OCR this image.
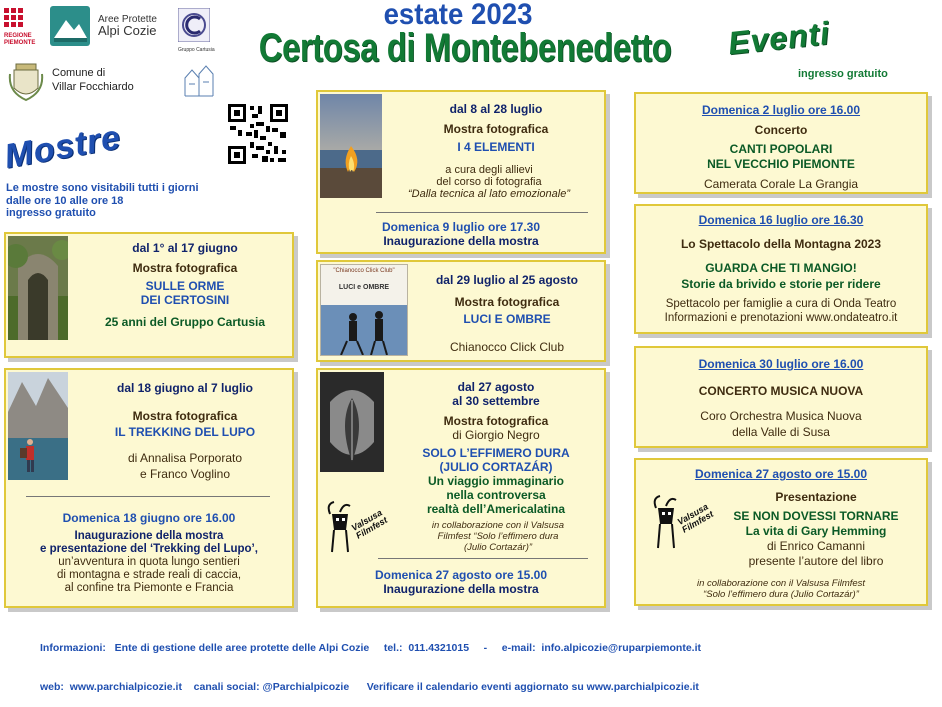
REGIONE
PIEMONTE
Aree Protette
Alpi Cozie
Gruppo Cartusia
Comune di
Villar Focchiardo
estate 2023
Certosa di Montebenedetto Eventi
ingresso gratuito
Mostre
Le mostre sono visitabili tutti i giorni
dalle ore 10 alle ore 18
ingresso gratuito
dal 1° al 17 giugno
Mostra fotografica
SULLE ORME
DEI CERTOSINI
25 anni del Gruppo Cartusia
dal 18 giugno al 7 luglio
Mostra fotografica
IL TREKKING DEL LUPO
di Annalisa Porporato
e Franco Voglino
Domenica 18 giugno ore 16.00
Inaugurazione della mostra
e presentazione del ‘Trekking del Lupo’,
un’avventura in quota lungo sentieri
di montagna e strade reali di caccia,
al confine tra Piemonte e Francia
dal 8 al 28 luglio
Mostra fotografica
I 4 ELEMENTI
a cura degli allievi
del corso di fotografia
“Dalla tecnica al lato emozionale”
Domenica 9 luglio ore 17.30
Inaugurazione della mostra
"Chianocco Click Club"
LUCI e OMBRE
dal 29 luglio al 25 agosto
Mostra fotografica
LUCI E OMBRE
Chianocco Click Club
dal 27 agosto
al 30 settembre
Mostra fotografica
di Giorgio Negro
SOLO L’EFFIMERO DURA
(JULIO CORTAZÁR)
Un viaggio immaginario
nella controversa
realtà dell’Americalatina
Valsusa Filmfest	in collaborazione con il Valsusa
Filmfest “Solo l’effimero dura
(Julio Cortazár)”
Domenica 27 agosto ore 15.00
Inaugurazione della mostra
Domenica 2 luglio ore 16.00
Concerto
CANTI POPOLARI
NEL VECCHIO PIEMONTE
Camerata Corale La Grangia
Domenica 16 luglio ore 16.30
Lo Spettacolo della Montagna 2023
GUARDA CHE TI MANGIO!
Storie da brivido e storie per ridere
Spettacolo per famiglie a cura di Onda Teatro
Informazioni e prenotazioni www.ondateatro.it
Domenica 30 luglio ore 16.00
CONCERTO MUSICA NUOVA
Coro Orchestra Musica Nuova
della Valle di Susa
Domenica 27 agosto ore 15.00
Valsusa Filmfest
Presentazione
SE NON DOVESSI TORNARE
La vita di Gary Hemming
di Enrico Camanni
presente l’autore del libro
in collaborazione con il Valsusa Filmfest
“Solo l’effimero dura (Julio Cortazár)”

Informazioni:   Ente di gestione delle aree protette delle Alpi Cozie     tel.:  011.4321015     -     e-mail:  info.alpicozie@ruparpiemonte.it

web:  www.parchialpicozie.it    canali social: @Parchialpicozie      Verificare il calendario eventi aggiornato su www.parchialpicozie.it
